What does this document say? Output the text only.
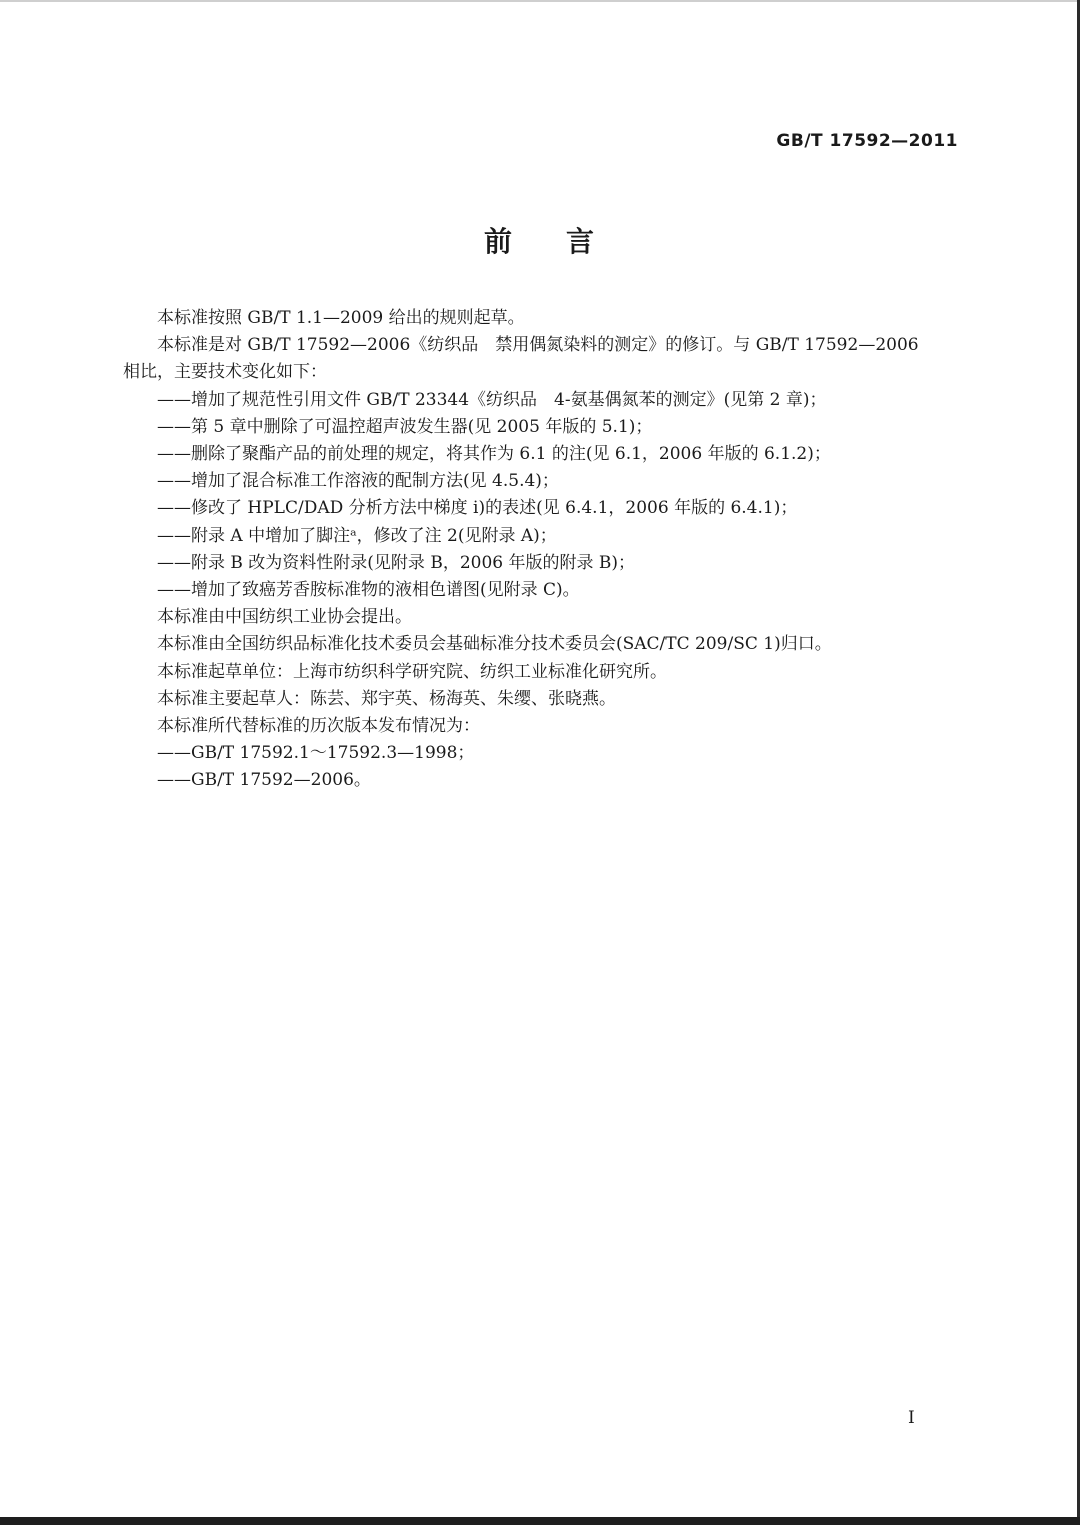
GB/T 17592—2011
前 言

本标准按照 GB/T 1.1—2009 给出的规则起草。

本标准是对 GB/T 17592—2006《纺织品　禁用偶氮染料的测定》的修订。与 GB/T 17592—2006

相比，主要技术变化如下：

——增加了规范性引用文件 GB/T 23344《纺织品　4-氨基偶氮苯的测定》(见第 2 章)；

——第 5 章中删除了可温控超声波发生器(见 2005 年版的 5.1)；

——删除了聚酯产品的前处理的规定，将其作为 6.1 的注(见 6.1，2006 年版的 6.1.2)；

——增加了混合标准工作溶液的配制方法(见 4.5.4)；

——修改了 HPLC/DAD 分析方法中梯度 i)的表述(见 6.4.1，2006 年版的 6.4.1)；

——附录 A 中增加了脚注ᵃ，修改了注 2(见附录 A)；

——附录 B 改为资料性附录(见附录 B，2006 年版的附录 B)；

——增加了致癌芳香胺标准物的液相色谱图(见附录 C)。

本标准由中国纺织工业协会提出。

本标准由全国纺织品标准化技术委员会基础标准分技术委员会(SAC/TC 209/SC 1)归口。

本标准起草单位：上海市纺织科学研究院、纺织工业标准化研究所。

本标准主要起草人：陈芸、郑宇英、杨海英、朱缨、张晓燕。

本标准所代替标准的历次版本发布情况为：

——GB/T 17592.1～17592.3—1998；

——GB/T 17592—2006。

I
